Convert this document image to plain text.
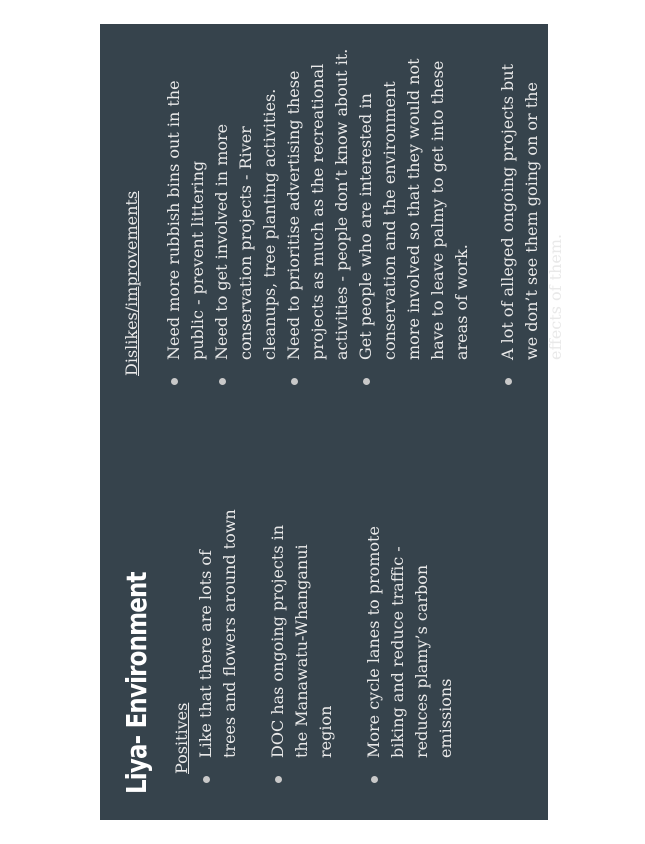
Liya- Environment Positives Like that there are lots of trees and flowers around town DOC has ongoing projects in the Manawatu-Whanganui region More cycle lanes to promote biking and reduce traffic - reduces plamy’s carbon emissions
Dislikes/improvements Need more rubbish bins out in the public - prevent littering Need to get involved in more conservation projects - River cleanups, tree planting activities. Need to prioritise advertising these projects as much as the recreational activities - people don’t know about it. Get people who are interested in conservation and the environment more involved so that they would not have to leave palmy to get into these areas of work. A lot of alleged ongoing projects but we don’t see them going on or the effects of them.
